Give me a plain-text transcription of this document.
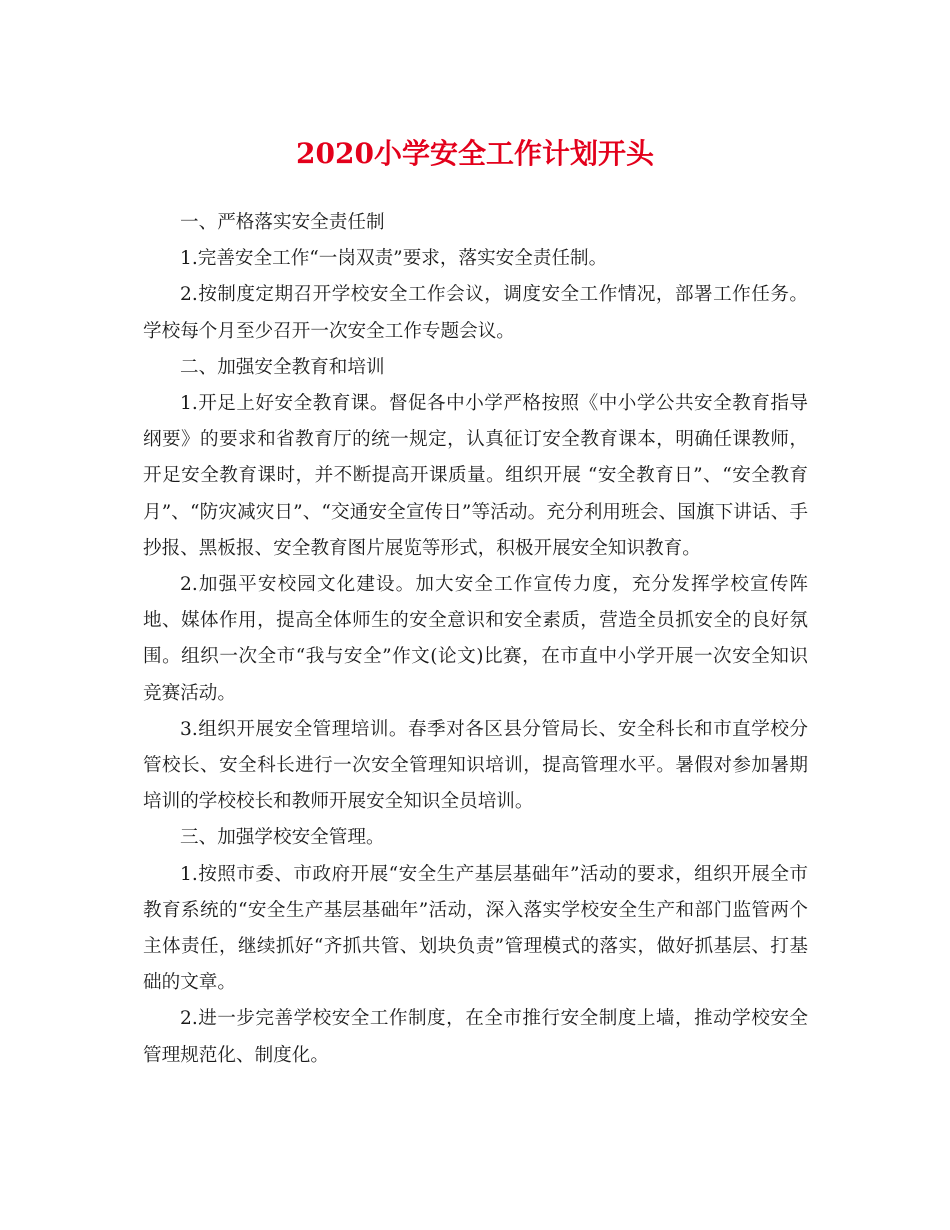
2020小学安全工作计划开头

一、严格落实安全责任制

1.完善安全工作“一岗双责”要求，落实安全责任制。

2.按制度定期召开学校安全工作会议，调度安全工作情况，部署工作任务。学校每个月至少召开一次安全工作专题会议。

二、加强安全教育和培训

1.开足上好安全教育课。督促各中小学严格按照《中小学公共安全教育指导纲要》的要求和省教育厅的统一规定，认真征订安全教育课本，明确任课教师，开足安全教育课时，并不断提高开课质量。组织开展 “安全教育日”、“安全教育月”、“防灾减灾日”、“交通安全宣传日”等活动。充分利用班会、国旗下讲话、手抄报、黑板报、安全教育图片展览等形式，积极开展安全知识教育。

2.加强平安校园文化建设。加大安全工作宣传力度，充分发挥学校宣传阵地、媒体作用，提高全体师生的安全意识和安全素质，营造全员抓安全的良好氛围。组织一次全市“我与安全”作文(论文)比赛，在市直中小学开展一次安全知识竞赛活动。

3.组织开展安全管理培训。春季对各区县分管局长、安全科长和市直学校分管校长、安全科长进行一次安全管理知识培训，提高管理水平。暑假对参加暑期培训的学校校长和教师开展安全知识全员培训。

三、加强学校安全管理。

1.按照市委、市政府开展“安全生产基层基础年”活动的要求，组织开展全市教育系统的“安全生产基层基础年”活动，深入落实学校安全生产和部门监管两个主体责任，继续抓好“齐抓共管、划块负责”管理模式的落实，做好抓基层、打基础的文章。

2.进一步完善学校安全工作制度，在全市推行安全制度上墙，推动学校安全管理规范化、制度化。
